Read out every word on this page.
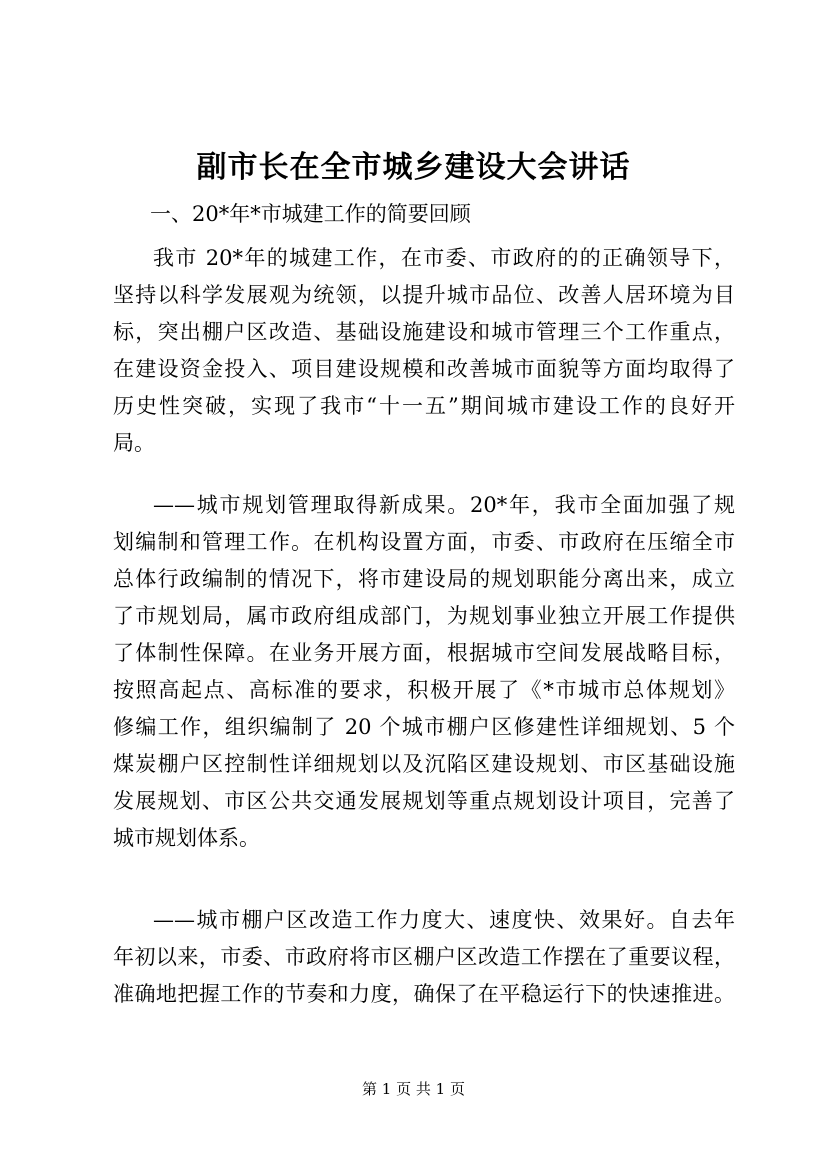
副市长在全市城乡建设大会讲话
一、20*年*市城建工作的简要回顾
我市 20*年的城建工作，在市委、市政府的的正确领导下，
坚持以科学发展观为统领，以提升城市品位、改善人居环境为目
标，突出棚户区改造、基础设施建设和城市管理三个工作重点，
在建设资金投入、项目建设规模和改善城市面貌等方面均取得了
历史性突破，实现了我市“十一五”期间城市建设工作的良好开
局。
——城市规划管理取得新成果。20*年，我市全面加强了规
划编制和管理工作。在机构设置方面，市委、市政府在压缩全市
总体行政编制的情况下，将市建设局的规划职能分离出来，成立
了市规划局，属市政府组成部门，为规划事业独立开展工作提供
了体制性保障。在业务开展方面，根据城市空间发展战略目标，
按照高起点、高标准的要求，积极开展了《*市城市总体规划》
修编工作，组织编制了 20 个城市棚户区修建性详细规划、5 个
煤炭棚户区控制性详细规划以及沉陷区建设规划、市区基础设施
发展规划、市区公共交通发展规划等重点规划设计项目，完善了
城市规划体系。
——城市棚户区改造工作力度大、速度快、效果好。自去年
年初以来，市委、市政府将市区棚户区改造工作摆在了重要议程，
准确地把握工作的节奏和力度，确保了在平稳运行下的快速推进。
第 1 页 共 1 页
